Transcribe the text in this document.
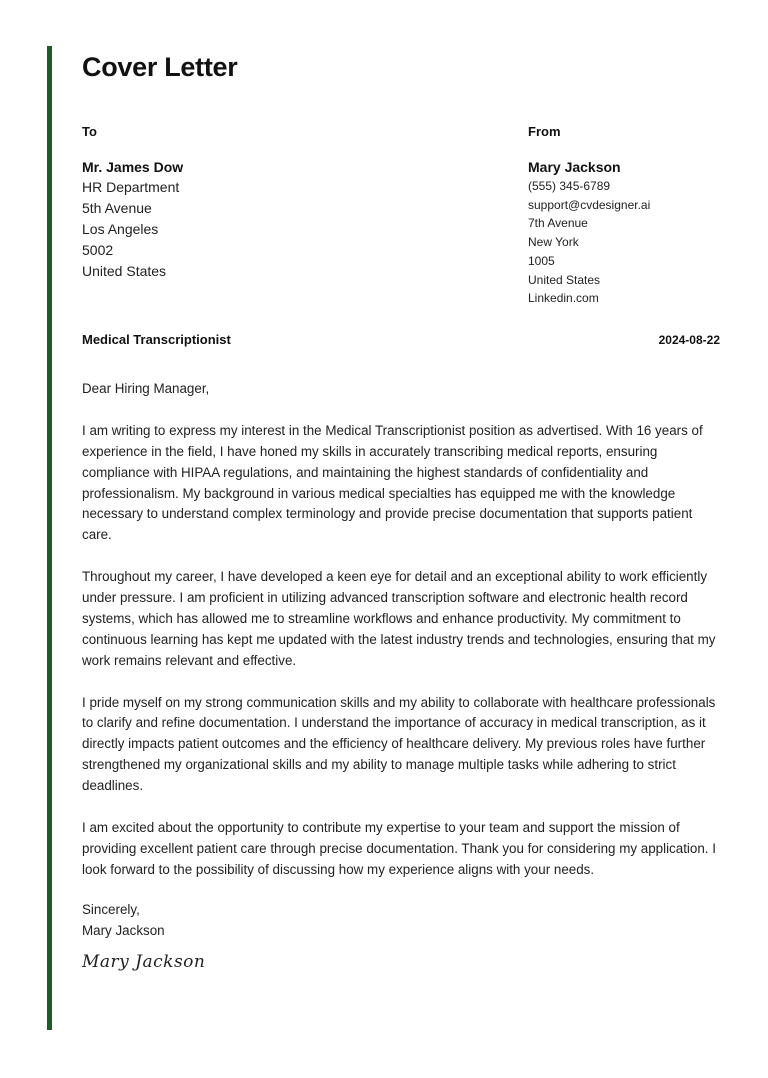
Cover Letter
To
Mr. James Dow
HR Department
5th Avenue
Los Angeles
5002
United States
From
Mary Jackson
(555) 345-6789
support@cvdesigner.ai
7th Avenue
New York
1005
United States
Linkedin.com
Medical Transcriptionist	2024-08-22

Dear Hiring Manager,

I am writing to express my interest in the Medical Transcriptionist position as advertised. With 16 years of experience in the field, I have honed my skills in accurately transcribing medical reports, ensuring compliance with HIPAA regulations, and maintaining the highest standards of confidentiality and professionalism. My background in various medical specialties has equipped me with the knowledge necessary to understand complex terminology and provide precise documentation that supports patient care.

Throughout my career, I have developed a keen eye for detail and an exceptional ability to work efficiently under pressure. I am proficient in utilizing advanced transcription software and electronic health record systems, which has allowed me to streamline workflows and enhance productivity. My commitment to continuous learning has kept me updated with the latest industry trends and technologies, ensuring that my work remains relevant and effective.

I pride myself on my strong communication skills and my ability to collaborate with healthcare professionals to clarify and refine documentation. I understand the importance of accuracy in medical transcription, as it directly impacts patient outcomes and the efficiency of healthcare delivery. My previous roles have further strengthened my organizational skills and my ability to manage multiple tasks while adhering to strict deadlines.

I am excited about the opportunity to contribute my expertise to your team and support the mission of providing excellent patient care through precise documentation. Thank you for considering my application. I look forward to the possibility of discussing how my experience aligns with your needs.

Sincerely,
Mary Jackson
Mary Jackson
